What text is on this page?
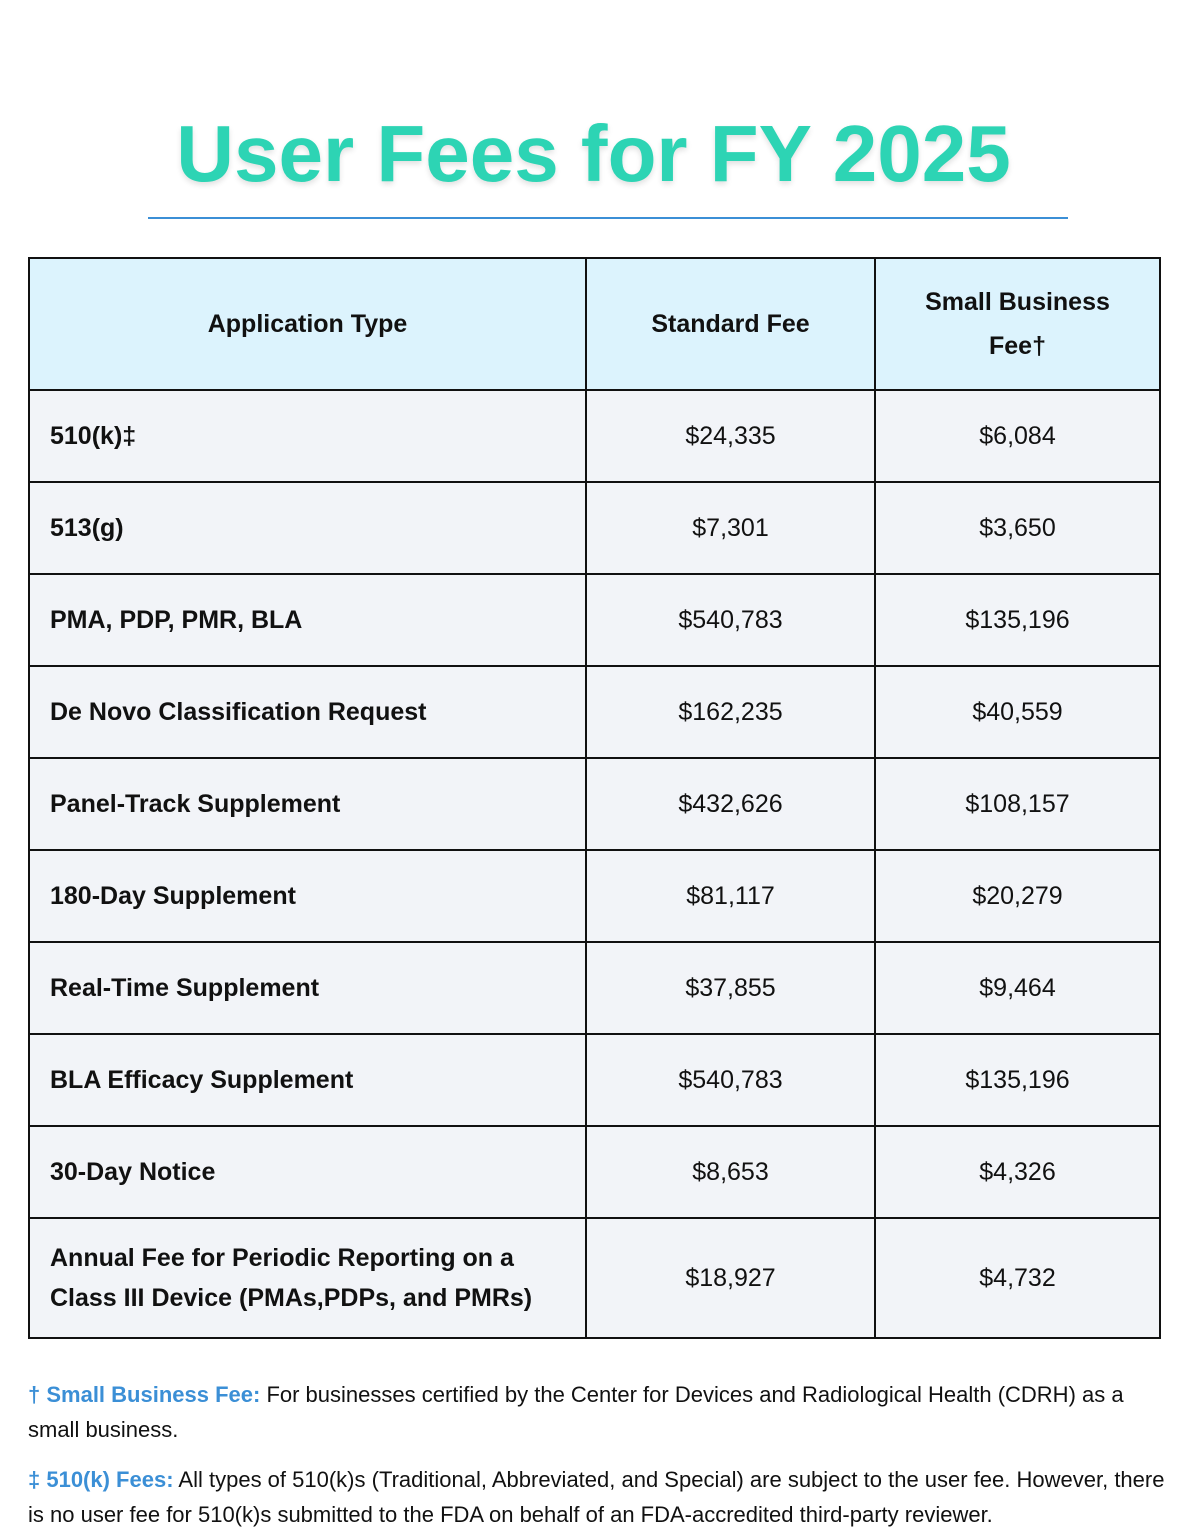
User Fees for FY 2025
Application Type	Standard Fee	Small Business Fee†
510(k)‡	$24,335	$6,084
513(g)	$7,301	$3,650
PMA, PDP, PMR, BLA	$540,783	$135,196
De Novo Classification Request	$162,235	$40,559
Panel-Track Supplement	$432,626	$108,157
180-Day Supplement	$81,117	$20,279
Real-Time Supplement	$37,855	$9,464
BLA Efficacy Supplement	$540,783	$135,196
30-Day Notice	$8,653	$4,326
Annual Fee for Periodic Reporting on a Class III Device (PMAs,PDPs, and PMRs)	$18,927	$4,732
† Small Business Fee: For businesses certified by the Center for Devices and Radiological Health (CDRH) as a small business.
‡ 510(k) Fees: All types of 510(k)s (Traditional, Abbreviated, and Special) are subject to the user fee. However, there is no user fee for 510(k)s submitted to the FDA on behalf of an FDA-accredited third-party reviewer.
